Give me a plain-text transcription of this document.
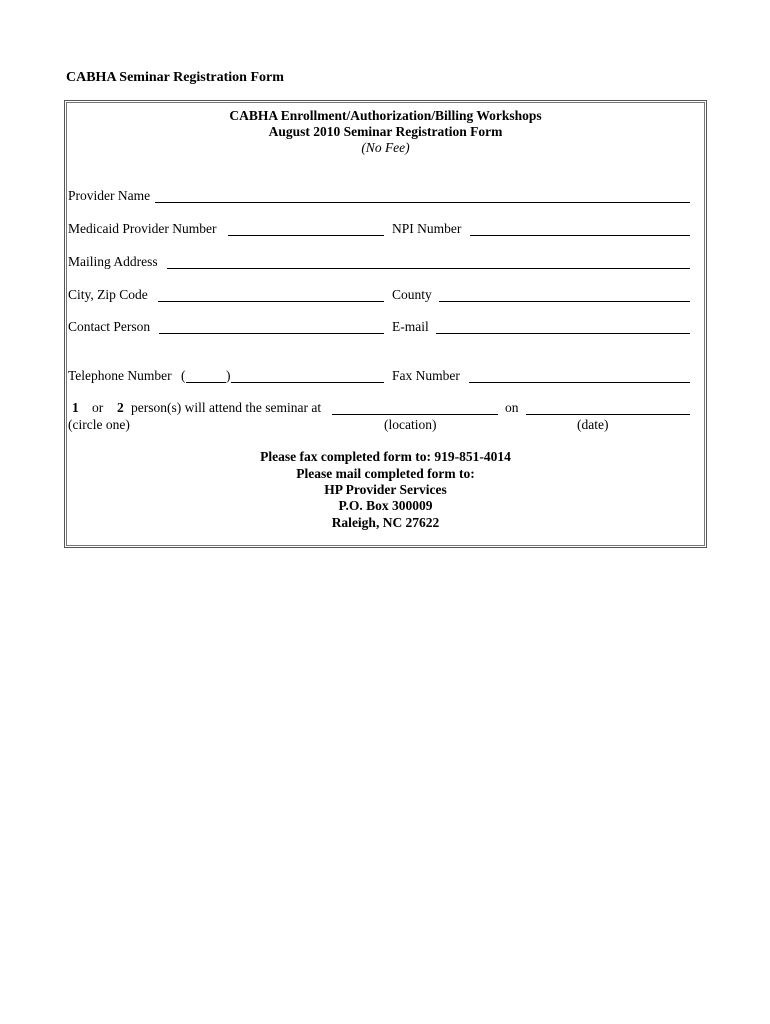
CABHA Seminar Registration Form
CABHA Enrollment/Authorization/Billing Workshops
August 2010 Seminar Registration Form
(No Fee)
Provider Name
Medicaid Provider Number	NPI Number
Mailing Address
City, Zip Code	County
Contact Person	E-mail
Telephone Number (	)	Fax Number
1 or 2 person(s) will attend the seminar at	on
(circle one)	(location)	(date)
Please fax completed form to: 919-851-4014
Please mail completed form to:
HP Provider Services
P.O. Box 300009
Raleigh, NC 27622
